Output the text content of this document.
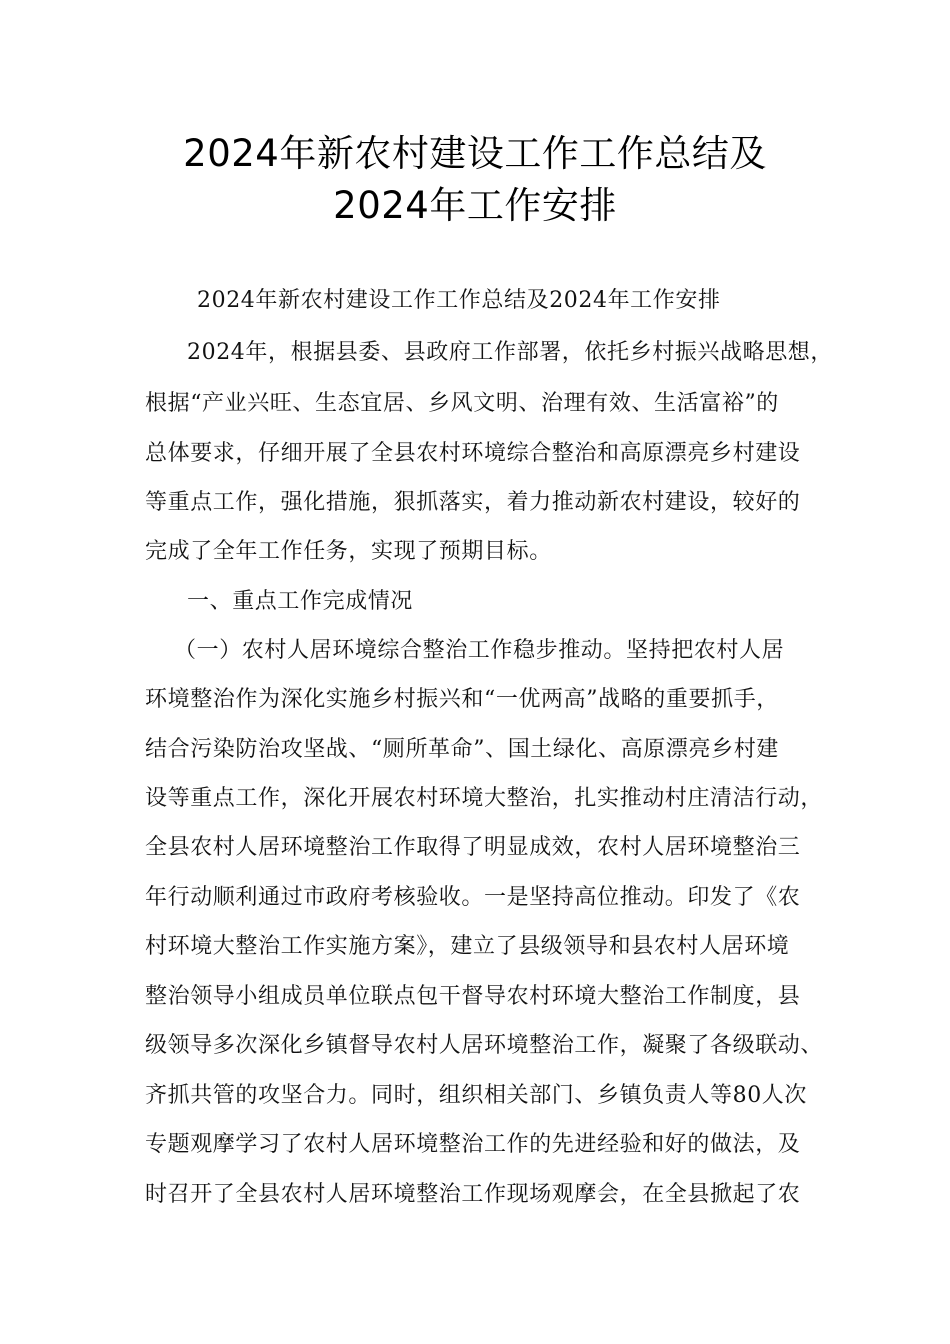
2024年新农村建设工作工作总结及
2024年工作安排
2024年新农村建设工作工作总结及2024年工作安排
2024年，根据县委、县政府工作部署，依托乡村振兴战略思想，
根据“产业兴旺、生态宜居、乡风文明、治理有效、生活富裕”的
总体要求，仔细开展了全县农村环境综合整治和高原漂亮乡村建设
等重点工作，强化措施，狠抓落实，着力推动新农村建设，较好的
完成了全年工作任务，实现了预期目标。
一、重点工作完成情况
（一）农村人居环境综合整治工作稳步推动。坚持把农村人居
环境整治作为深化实施乡村振兴和“一优两高”战略的重要抓手，
结合污染防治攻坚战、“厕所革命”、国土绿化、高原漂亮乡村建
设等重点工作，深化开展农村环境大整治，扎实推动村庄清洁行动，
全县农村人居环境整治工作取得了明显成效，农村人居环境整治三
年行动顺利通过市政府考核验收。一是坚持高位推动。印发了《农
村环境大整治工作实施方案》，建立了县级领导和县农村人居环境
整治领导小组成员单位联点包干督导农村环境大整治工作制度，县
级领导多次深化乡镇督导农村人居环境整治工作，凝聚了各级联动、
齐抓共管的攻坚合力。同时，组织相关部门、乡镇负责人等80人次
专题观摩学习了农村人居环境整治工作的先进经验和好的做法，及
时召开了全县农村人居环境整治工作现场观摩会，在全县掀起了农
